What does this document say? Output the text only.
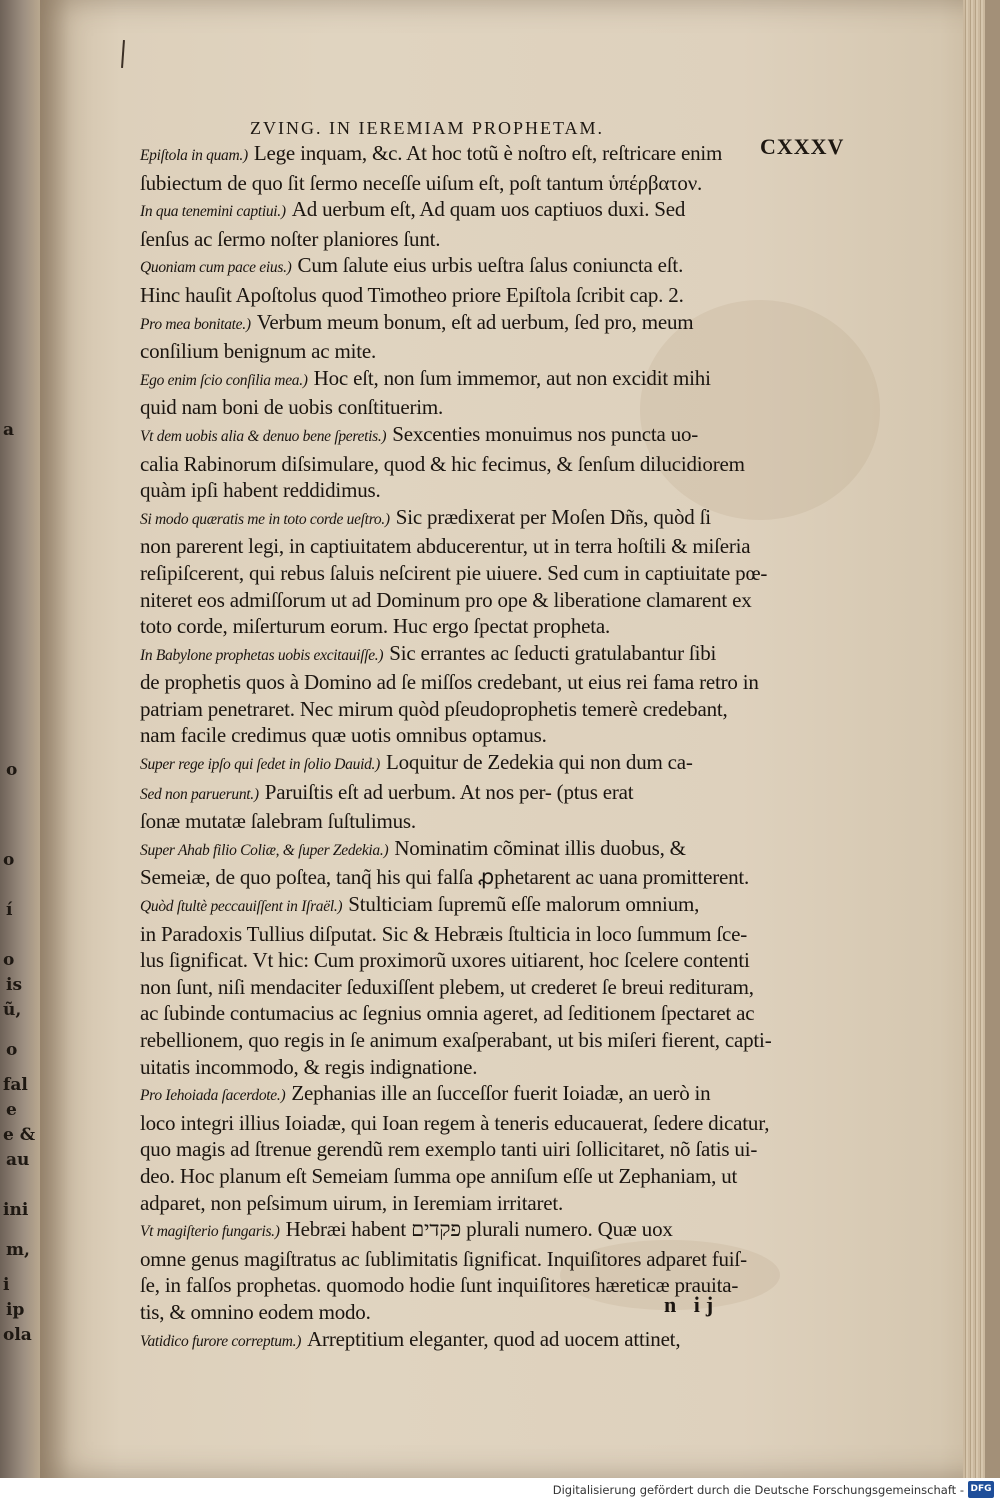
a
o
o
í
o
is
ũ,
o
fal
e
e &
au
ini
m,
i
ip
ola
ZVING. IN IEREMIAM PROPHETAM.
CXXXV
Epiſtola in quam.) Lege inquam, &c. At hoc totũ è noſtro eſt, reſtricare enim
ſubiectum de quo ſit ſermo neceſſe uiſum eſt, poſt tantum ὑπέρβατον.
In qua tenemini captiui.) Ad uerbum eſt, Ad quam uos captiuos duxi. Sed
ſenſus ac ſermo noſter planiores ſunt.
Quoniam cum pace eius.) Cum ſalute eius urbis ueſtra ſalus coniuncta eſt.
Hinc hauſit Apoſtolus quod Timotheo priore Epiſtola ſcribit cap. 2.
Pro mea bonitate.) Verbum meum bonum, eſt ad uerbum, ſed pro, meum
conſilium benignum ac mite.
Ego enim ſcio conſilia mea.) Hoc eſt, non ſum immemor, aut non excidit mihi
quid nam boni de uobis conſtituerim.
Vt dem uobis alia & denuo bene ſperetis.) Sexcenties monuimus nos puncta uo-
calia Rabinorum diſsimulare, quod & hic fecimus, & ſenſum dilucidiorem
quàm ipſi habent reddidimus.
Si modo quæratis me in toto corde ueſtro.) Sic prædixerat per Moſen Dñs, quòd ſi
non parerent legi, in captiuitatem abducerentur, ut in terra hoſtili & miſeria
reſipiſcerent, qui rebus ſaluis neſcirent pie uiuere. Sed cum in captiuitate pœ-
niteret eos admiſſorum ut ad Dominum pro ope & liberatione clamarent ex
toto corde, miſerturum eorum. Huc ergo ſpectat propheta.
In Babylone prophetas uobis excitauiſſe.) Sic errantes ac ſeducti gratulabantur ſibi
de prophetis quos à Domino ad ſe miſſos credebant, ut eius rei fama retro in
patriam penetraret. Nec mirum quòd pſeudoprophetis temerè credebant,
nam facile credimus quæ uotis omnibus optamus.
Super rege ipſo qui ſedet in ſolio Dauid.) Loquitur de Zedekia qui non dum ca-
Sed non paruerunt.) Paruiſtis eſt ad uerbum. At nos per- (ptus erat
ſonæ mutatæ ſalebram ſuſtulimus.
Super Ahab filio Coliæ, & ſuper Zedekia.) Nominatim cõminat illis duobus, &
Semeiæ, de quo poſtea, tanq̃ his qui falſa ꝓphetarent ac uana promitterent.
Quòd ſtultè peccauiſſent in Iſraël.) Stulticiam ſupremũ eſſe malorum omnium,
in Paradoxis Tullius diſputat. Sic & Hebræis ſtulticia in loco ſummum ſce-
lus ſignificat. Vt hic: Cum proximorũ uxores uitiarent, hoc ſcelere contenti
non ſunt, niſi mendaciter ſeduxiſſent plebem, ut crederet ſe breui redituram,
ac ſubinde contumacius ac ſegnius omnia ageret, ad ſeditionem ſpectaret ac
rebellionem, quo regis in ſe animum exaſperabant, ut bis miſeri fierent, capti-
uitatis incommodo, & regis indignatione.
Pro Iehoiada ſacerdote.) Zephanias ille an ſucceſſor fuerit Ioiadæ, an uerò in
loco integri illius Ioiadæ, qui Ioan regem à teneris educauerat, ſedere dicatur,
quo magis ad ſtrenue gerendũ rem exemplo tanti uiri ſollicitaret, nõ ſatis ui-
deo. Hoc planum eſt Semeiam ſumma ope anniſum eſſe ut Zephaniam, ut
adparet, non peſsimum uirum, in Ieremiam irritaret.
Vt magiſterio fungaris.) Hebræi habent פקדים plurali numero. Quæ uox
omne genus magiſtratus ac ſublimitatis ſignificat. Inquiſitores adparet fuiſ-
ſe, in falſos prophetas. quomodo hodie ſunt inquiſitores hæreticæ prauita-
tis, & omnino eodem modo.
Vatidico furore correptum.) Arreptitium eleganter, quod ad uocem attinet,
n ij
Digitalisierung gefördert durch die Deutsche Forschungsgemeinschaft - DFG
